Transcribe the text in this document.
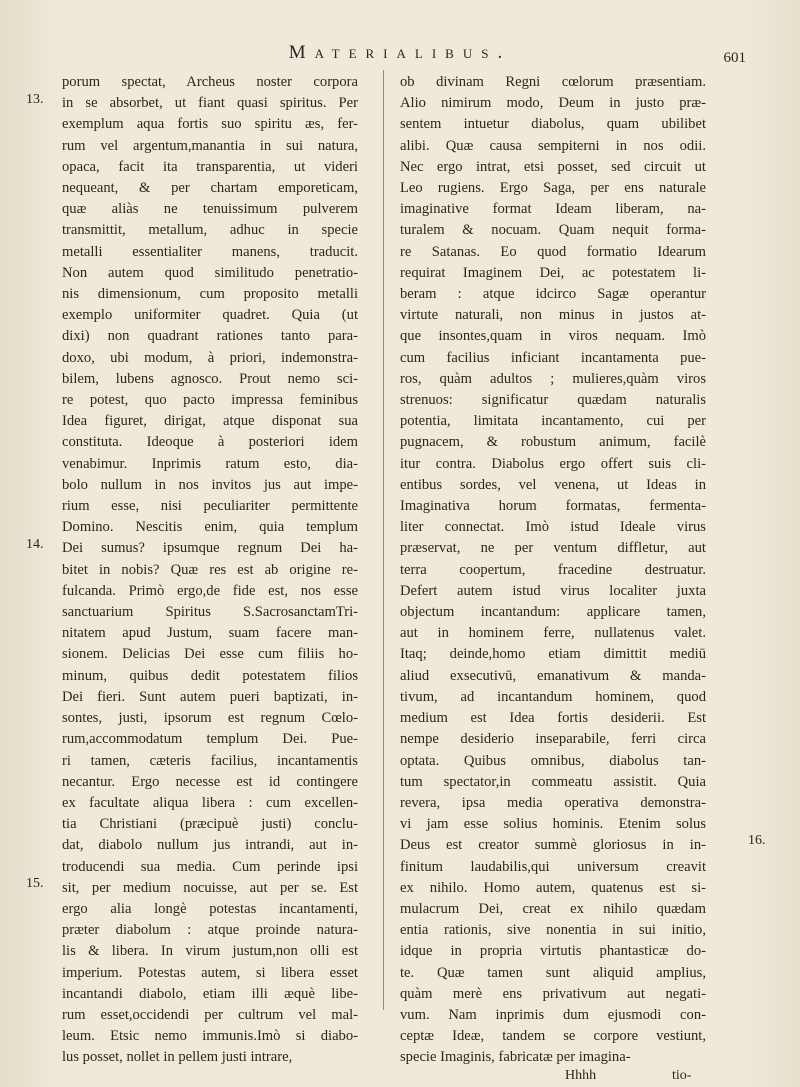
Materialibus.	601
13.
14.
15.
16.
porum spectat, Archeus noster corpora
in se absorbet, ut fiant quasi spiritus. Per
exemplum aqua fortis suo spiritu æs, fer-
rum vel argentum,manantia in sui natura,
opaca, facit ita transparentia, ut videri
nequeant, & per chartam emporeticam,
quæ aliàs ne tenuissimum pulverem
transmittit, metallum, adhuc in specie
metalli essentialiter manens, traducit.
Non autem quod similitudo penetratio-
nis dimensionum, cum proposito metalli
exemplo uniformiter quadret. Quia (ut
dixi) non quadrant rationes tanto para-
doxo, ubi modum, à priori, indemonstra-
bilem, lubens agnosco. Prout nemo sci-
re potest, quo pacto impressa feminibus
Idea figuret, dirigat, atque disponat sua
constituta. Ideoque à posteriori idem
venabimur. Inprimis ratum esto, dia-
bolo nullum in nos invitos jus aut impe-
rium esse, nisi peculiariter permittente
Domino. Nescitis enim, quia templum
Dei sumus? ipsumque regnum Dei ha-
bitet in nobis? Quæ res est ab origine re-
fulcanda. Primò ergo,de fide est, nos esse
sanctuarium Spiritus S.SacrosanctamTri-
nitatem apud Justum, suam facere man-
sionem. Delicias Dei esse cum filiis ho-
minum, quibus dedit potestatem filios
Dei fieri. Sunt autem pueri baptizati, in-
sontes, justi, ipsorum est regnum Cœlo-
rum,accommodatum templum Dei. Pue-
ri tamen, cæteris facilius, incantamentis
necantur. Ergo necesse est id contingere
ex facultate aliqua libera : cum excellen-
tia Christiani (præcipuè justi) conclu-
dat, diabolo nullum jus intrandi, aut in-
troducendi sua media. Cum perinde ipsi
sit, per medium nocuisse, aut per se. Est
ergo alia longè potestas incantamenti,
præter diabolum : atque proinde natura-
lis & libera. In virum justum,non olli est
imperium. Potestas autem, si libera esset
incantandi diabolo, etiam illi æquè libe-
rum esset,occidendi per cultrum vel mal-
leum. Etsic nemo immunis.Imò si diabo-
lus posset, nollet in pellem justi intrare,
ob divinam Regni cœlorum præsentiam.
Alio nimirum modo, Deum in justo præ-
sentem intuetur diabolus, quam ubilibet
alibi. Quæ causa sempiterni in nos odii.
Nec ergo intrat, etsi posset, sed circuit ut
Leo rugiens. Ergo Saga, per ens naturale
imaginative format Ideam liberam, na-
turalem & nocuam. Quam nequit forma-
re Satanas. Eo quod formatio Idearum
requirat Imaginem Dei, ac potestatem li-
beram : atque idcirco Sagæ operantur
virtute naturali, non minus in justos at-
que insontes,quam in viros nequam. Imò
cum facilius inficiant incantamenta pue-
ros, quàm adultos ; mulieres,quàm viros
strenuos: significatur quædam naturalis
potentia, limitata incantamento, cui per
pugnacem, & robustum animum, facilè
itur contra. Diabolus ergo offert suis cli-
entibus sordes, vel venena, ut Ideas in
Imaginativa horum formatas, fermenta-
liter connectat. Imò istud Ideale virus
præservat, ne per ventum diffletur, aut
terra coopertum, fracedine destruatur.
Defert autem istud virus localiter juxta
objectum incantandum: applicare tamen,
aut in hominem ferre, nullatenus valet.
Itaq; deinde,homo etiam dimittit mediū
aliud exsecutivū, emanativum & manda-
tivum, ad incantandum hominem, quod
medium est Idea fortis desiderii. Est
nempe desiderio inseparabile, ferri circa
optata. Quibus omnibus, diabolus tan-
tum spectator,in commeatu assistit. Quia
revera, ipsa media operativa demonstra-
vi jam esse solius hominis. Etenim solus
Deus est creator summè gloriosus in in-
finitum laudabilis,qui universum creavit
ex nihilo. Homo autem, quatenus est si-
mulacrum Dei, creat ex nihilo quædam
entia rationis, sive nonentia in sui initio,
idque in propria virtutis phantasticæ do-
te. Quæ tamen sunt aliquid amplius,
quàm merè ens privativum aut negati-
vum. Nam inprimis dum ejusmodi con-
ceptæ Ideæ, tandem se corpore vestiunt,
specie Imaginis, fabricatæ per imagina-
Hhhh	tio-
